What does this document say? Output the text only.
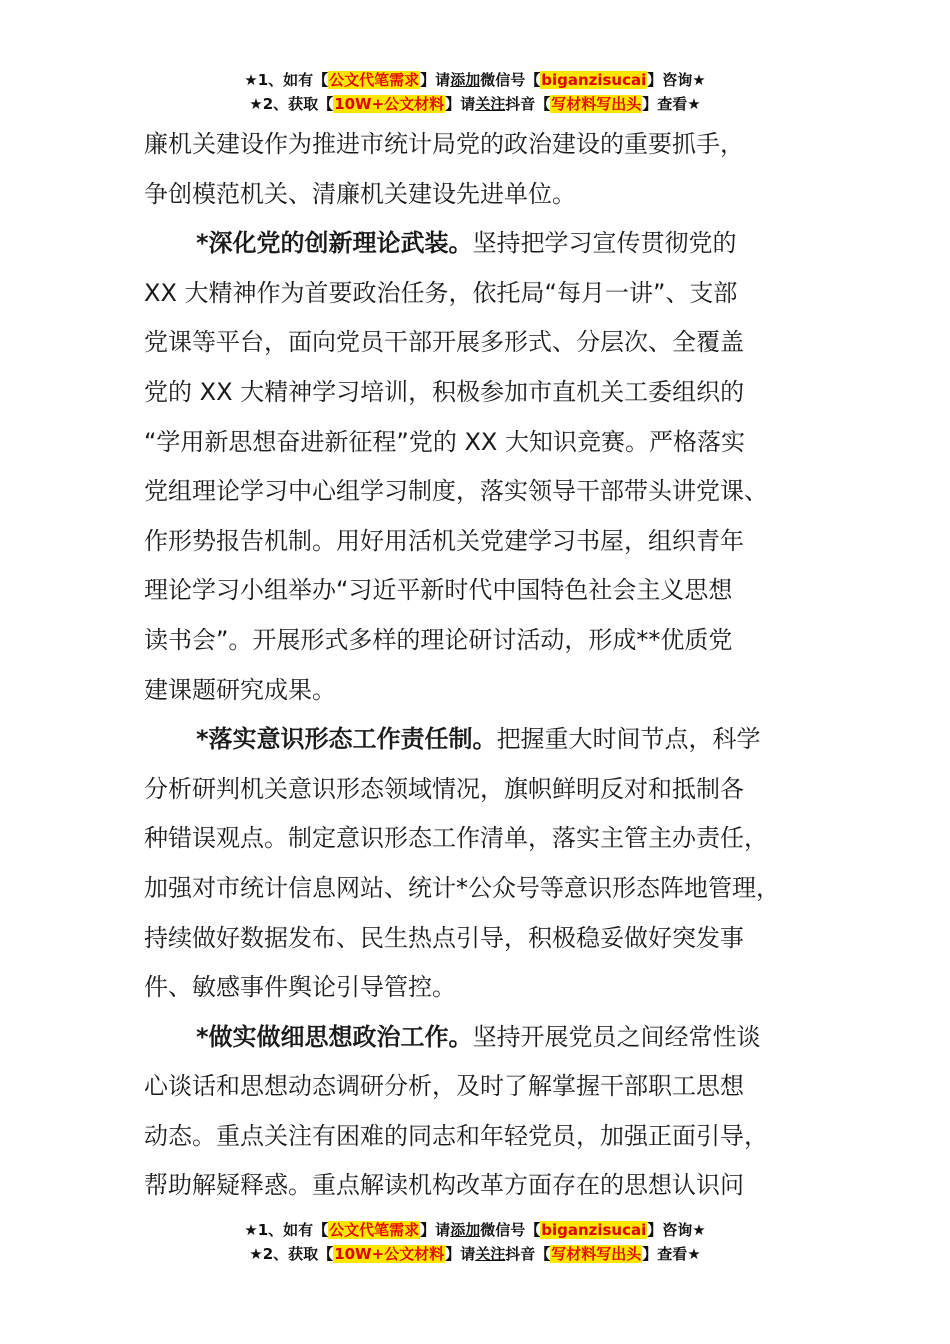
★1、如有【公文代笔需求】请添加微信号【biganzisucai】咨询★
★2、获取【10W+公文材料】请关注抖音【写材料写出头】查看★
廉机关建设作为推进市统计局党的政治建设的重要抓手，
争创模范机关、清廉机关建设先进单位。
*深化党的创新理论武装。坚持把学习宣传贯彻党的
XX 大精神作为首要政治任务，依托局“每月一讲”、支部
党课等平台，面向党员干部开展多形式、分层次、全覆盖
党的 XX 大精神学习培训，积极参加市直机关工委组织的
“学用新思想奋进新征程”党的 XX 大知识竞赛。严格落实
党组理论学习中心组学习制度，落实领导干部带头讲党课、
作形势报告机制。用好用活机关党建学习书屋，组织青年
理论学习小组举办“习近平新时代中国特色社会主义思想
读书会”。开展形式多样的理论研讨活动，形成**优质党
建课题研究成果。
*落实意识形态工作责任制。把握重大时间节点，科学
分析研判机关意识形态领域情况，旗帜鲜明反对和抵制各
种错误观点。制定意识形态工作清单，落实主管主办责任，
加强对市统计信息网站、统计*公众号等意识形态阵地管理，
持续做好数据发布、民生热点引导，积极稳妥做好突发事
件、敏感事件舆论引导管控。
*做实做细思想政治工作。坚持开展党员之间经常性谈
心谈话和思想动态调研分析，及时了解掌握干部职工思想
动态。重点关注有困难的同志和年轻党员，加强正面引导，
帮助解疑释惑。重点解读机构改革方面存在的思想认识问
★1、如有【公文代笔需求】请添加微信号【biganzisucai】咨询★
★2、获取【10W+公文材料】请关注抖音【写材料写出头】查看★
